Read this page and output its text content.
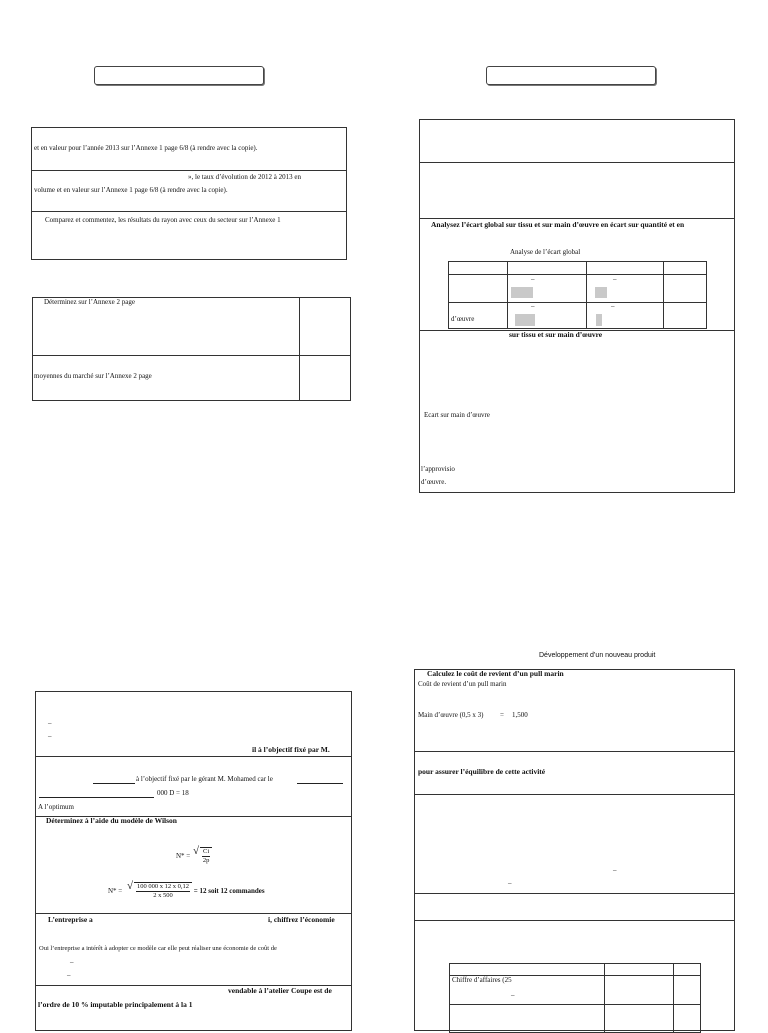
et en valeur pour l’année 2013 sur l’Annexe 1 page 6/8 (à rendre avec la copie).
», le taux d’évolution de 2012 à 2013 en
volume et en valeur sur l’Annexe 1 page 6/8 (à rendre avec la copie).
Comparez et commentez, les résultats du rayon avec ceux du secteur sur l’Annexe 1
Déterminez sur l’Annexe 2 page
moyennes du marché sur l’Annexe 2 page
Analysez l’écart global sur tissu et sur main d’œuvre en écart sur quantité et en
Analyse de l’écart global
–	–
–	–
d’œuvre
sur tissu et sur main d’œuvre
Ecart sur main d’œuvre
l’approvisio
d’œuvre.
–
–
il à l’objectif fixé par M.
à l’objectif fixé par le gérant M. Mohamed car le
000 D = 18
A l’optimum
Déterminez à l’aide du modèle de Wilson
N* = √ $\frac{Ci}{2p}$
N* = √ $\frac{100 000 x 12 x 0,12}{2 x 500} = 12$ soit 12 commandes
L’entreprise a	i, chiffrez l’économie
Oui l’entreprise a intérêt à adopter ce modèle car elle peut réaliser une économie de coût de
–
–
vendable à l’atelier Coupe est de
l’ordre de 10 % imputable principalement à la 1
Développement d’un nouveau produit
Calculez le coût de revient d’un pull marin
Coût de revient d’un pull marin
Main d’œuvre (0,5 x 3) = 1,500
pour assurer l’équilibre de cette activité
–
–
Chiffre d’affaires (25
–
